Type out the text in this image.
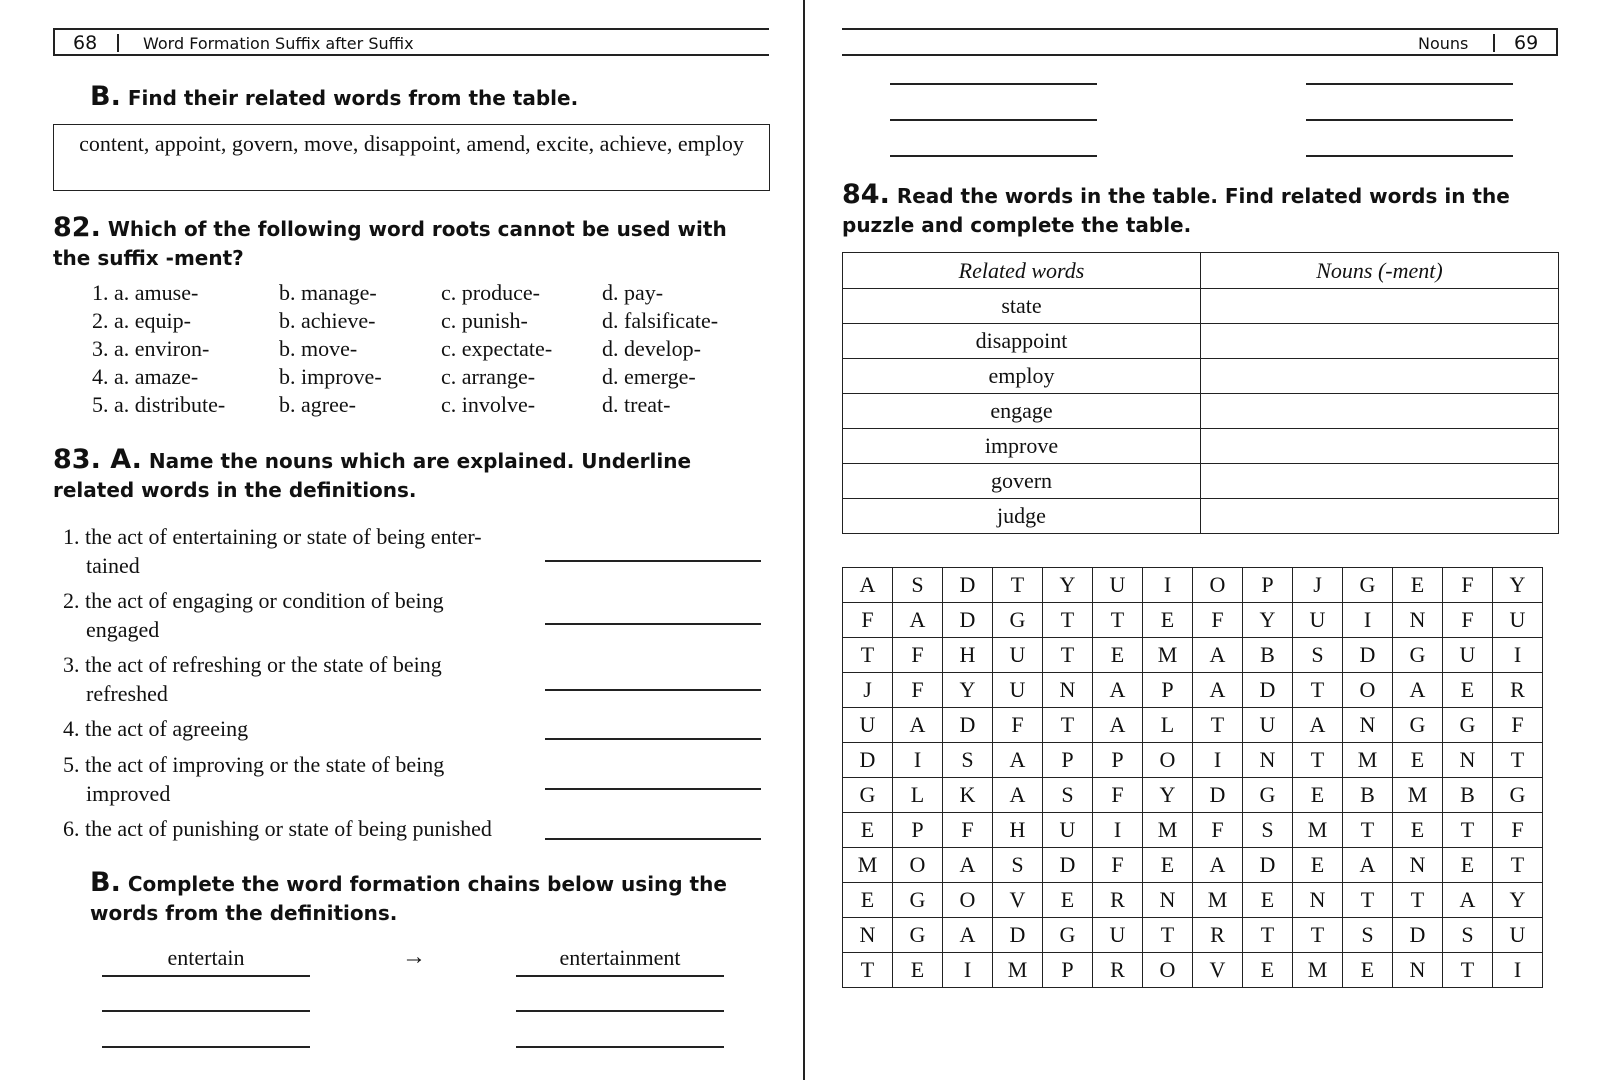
68	Word Formation Suffix after Suffix
B. Find their related words from the table.
content, appoint, govern, move, disappoint, amend, excite, achieve, employ
82. Which of the following word roots cannot be used with the suffix -ment?
1. a. amuse-	b. manage-	c. produce-	d. pay-
2. a. equip-	b. achieve-	c. punish-	d. falsificate-
3. a. environ-	b. move-	c. expectate- d. develop-
4. a. amaze-	b. improve-	c. arrange-	d. emerge-
5. a. distribute- b. agree-	c. involve-	d. treat-
83. A. Name the nouns which are explained. Underline related words in the definitions.
1. the act of entertaining or state of being enter-
tained
2. the act of engaging or condition of being
engaged
3. the act of refreshing or the state of being
refreshed
4. the act of agreeing
5. the act of improving or the state of being
improved
6. the act of punishing or state of being punished
B. Complete the word formation chains below using the words from the definitions.
entertain	→	entertainment
Nouns 69
84. Read the words in the table. Find related words in the puzzle and complete the table.
Related words	Nouns (-ment)
state	
disappoint	
employ	
engage	
improve	
govern	
judge	
A	S	D	T	Y	U	I	O	P	J	G	E	F	Y
F	A	D	G	T	T	E	F	Y	U	I	N	F	U
T	F	H	U	T	E	M	A	B	S	D	G	U	I
J	F	Y	U	N	A	P	A	D	T	O	A	E	R
U	A	D	F	T	A	L	T	U	A	N	G	G	F
D	I	S	A	P	P	O	I	N	T	M	E	N	T
G	L	K	A	S	F	Y	D	G	E	B	M	B	G
E	P	F	H	U	I	M	F	S	M	T	E	T	F
M	O	A	S	D	F	E	A	D	E	A	N	E	T
E	G	O	V	E	R	N	M	E	N	T	T	A	Y
N	G	A	D	G	U	T	R	T	T	S	D	S	U
T	E	I	M	P	R	O	V	E	M	E	N	T	I
